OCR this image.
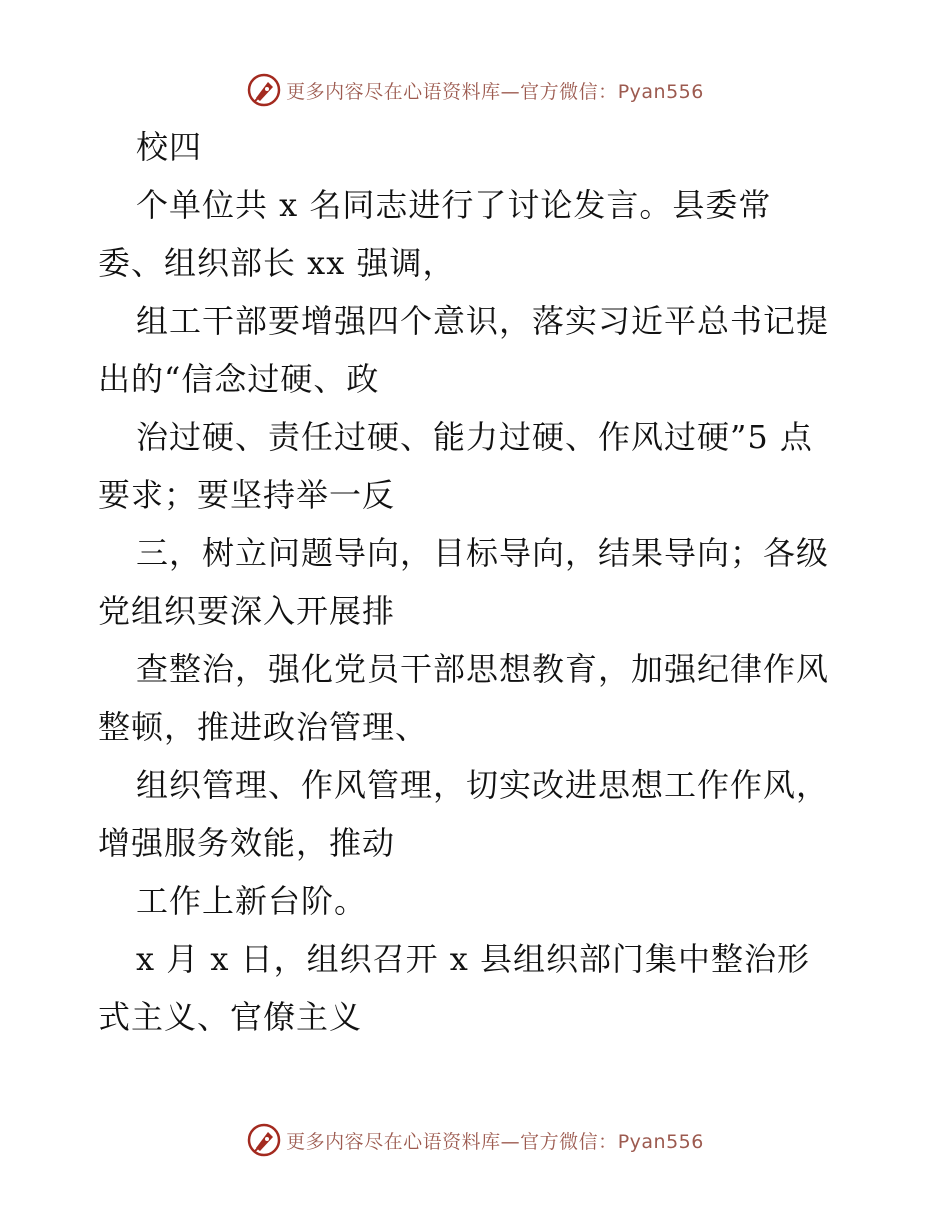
更多内容尽在心语资料库—官方微信：Pyan556
校四
个单位共 x 名同志进行了讨论发言。县委常
委、组织部长 xx 强调，
组工干部要增强四个意识，落实习近平总书记提
出的“信念过硬、政
治过硬、责任过硬、能力过硬、作风过硬”5 点
要求；要坚持举一反
三，树立问题导向，目标导向，结果导向；各级
党组织要深入开展排
查整治，强化党员干部思想教育，加强纪律作风
整顿，推进政治管理、
组织管理、作风管理，切实改进思想工作作风，
增强服务效能，推动
工作上新台阶。
x 月 x 日，组织召开 x 县组织部门集中整治形
式主义、官僚主义
更多内容尽在心语资料库—官方微信：Pyan556
